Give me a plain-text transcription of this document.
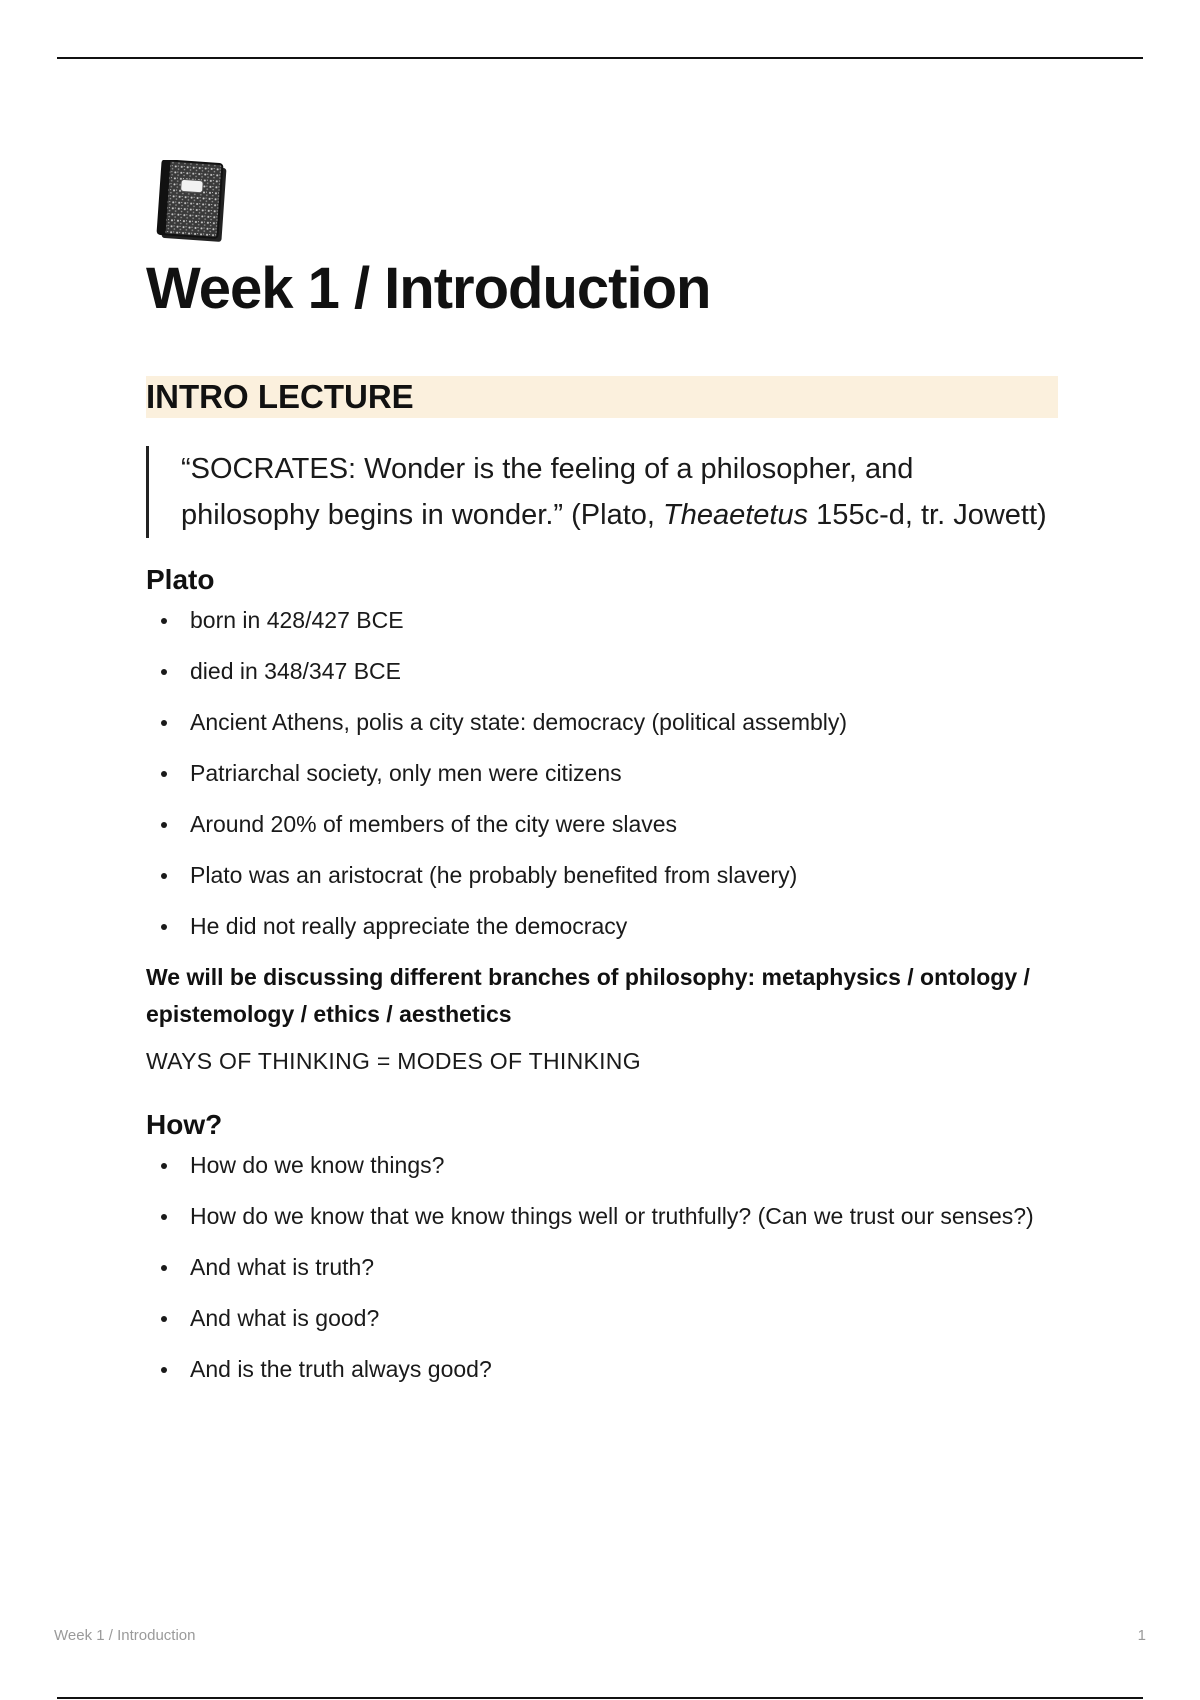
Week 1 / Introduction
INTRO LECTURE
“SOCRATES: Wonder is the feeling of a philosopher, and philosophy begins in wonder.” (Plato, Theaetetus 155c-d, tr. Jowett)
Plato
born in 428/427 BCE
died in 348/347 BCE
Ancient Athens, polis a city state: democracy (political assembly)
Patriarchal society, only men were citizens
Around 20% of members of the city were slaves
Plato was an aristocrat (he probably benefited from slavery)
He did not really appreciate the democracy
We will be discussing different branches of philosophy: metaphysics / ontology / epistemology / ethics / aesthetics
WAYS OF THINKING = MODES OF THINKING
How?
How do we know things?
How do we know that we know things well or truthfully? (Can we trust our senses?)
And what is truth?
And what is good?
And is the truth always good?
Week 1 / Introduction	1
